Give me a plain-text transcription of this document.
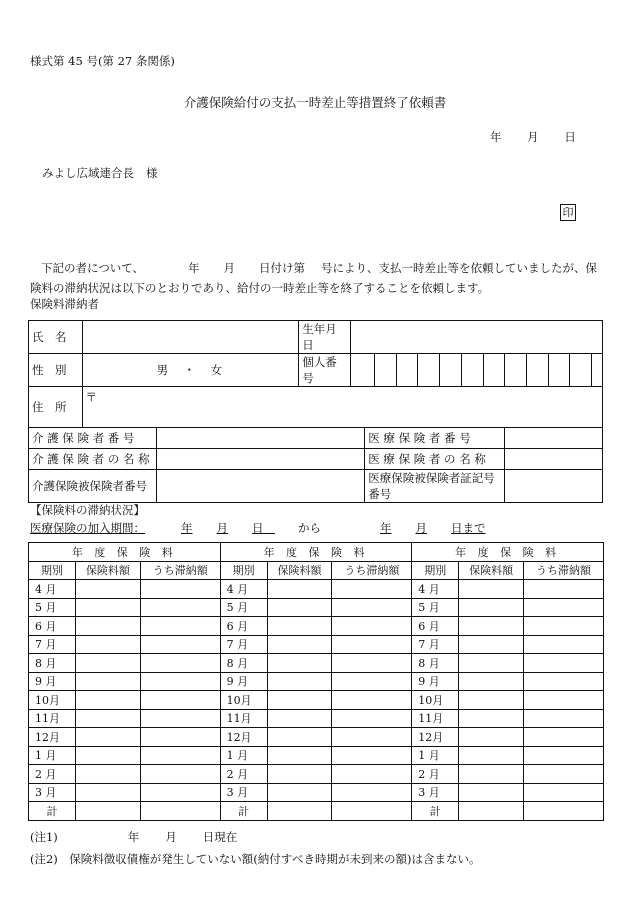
様式第 45 号(第 27 条関係)
介護保険給付の支払一時差止等措置終了依頼書
年 月 日
みよし広域連合長 様
印
下記の者について、	年 月 日付け第 号により、支払一時差止等を依頼していましたが、保険料の滞納状況は以下のとおりであり、給付の一時差止等を終了することを依頼します。
保険料滞納者
氏　名			生年月日													
性　別	男　・　女		個人番号													
住　所	〒															
介 護 保 険 者 番 号					医 療 保 険 者 番 号											
介 護 保 険 者 の 名 称					医 療 保 険 者 の 名 称											
介護保険被保険者番号					医療保険被保険者証記号番号											
【保険料の滞納状況】
医療保険の加入期間：	年 月 日　　　	から　　	年 月 日まで
年 度 保 険 料			年 度 保 険 料			年 度 保 険 料		
期別	保険料額	うち滞納額	期別	保険料額	うち滞納額	期別	保険料額	うち滞納額
4 月			4 月			4 月		
5 月			5 月			5 月		
6 月			6 月			6 月		
7 月			7 月			7 月		
8 月			8 月			8 月		
9 月			9 月			9 月		
10月			10月			10月		
11月			11月			11月		
12月			12月			12月		
1 月			1 月			1 月		
2 月			2 月			2 月		
3 月			3 月			3 月		
計			計			計		
(注1)	年 月 日現在
(注2)　保険料徴収債権が発生していない額(納付すべき時期が未到来の額)は含まない。
